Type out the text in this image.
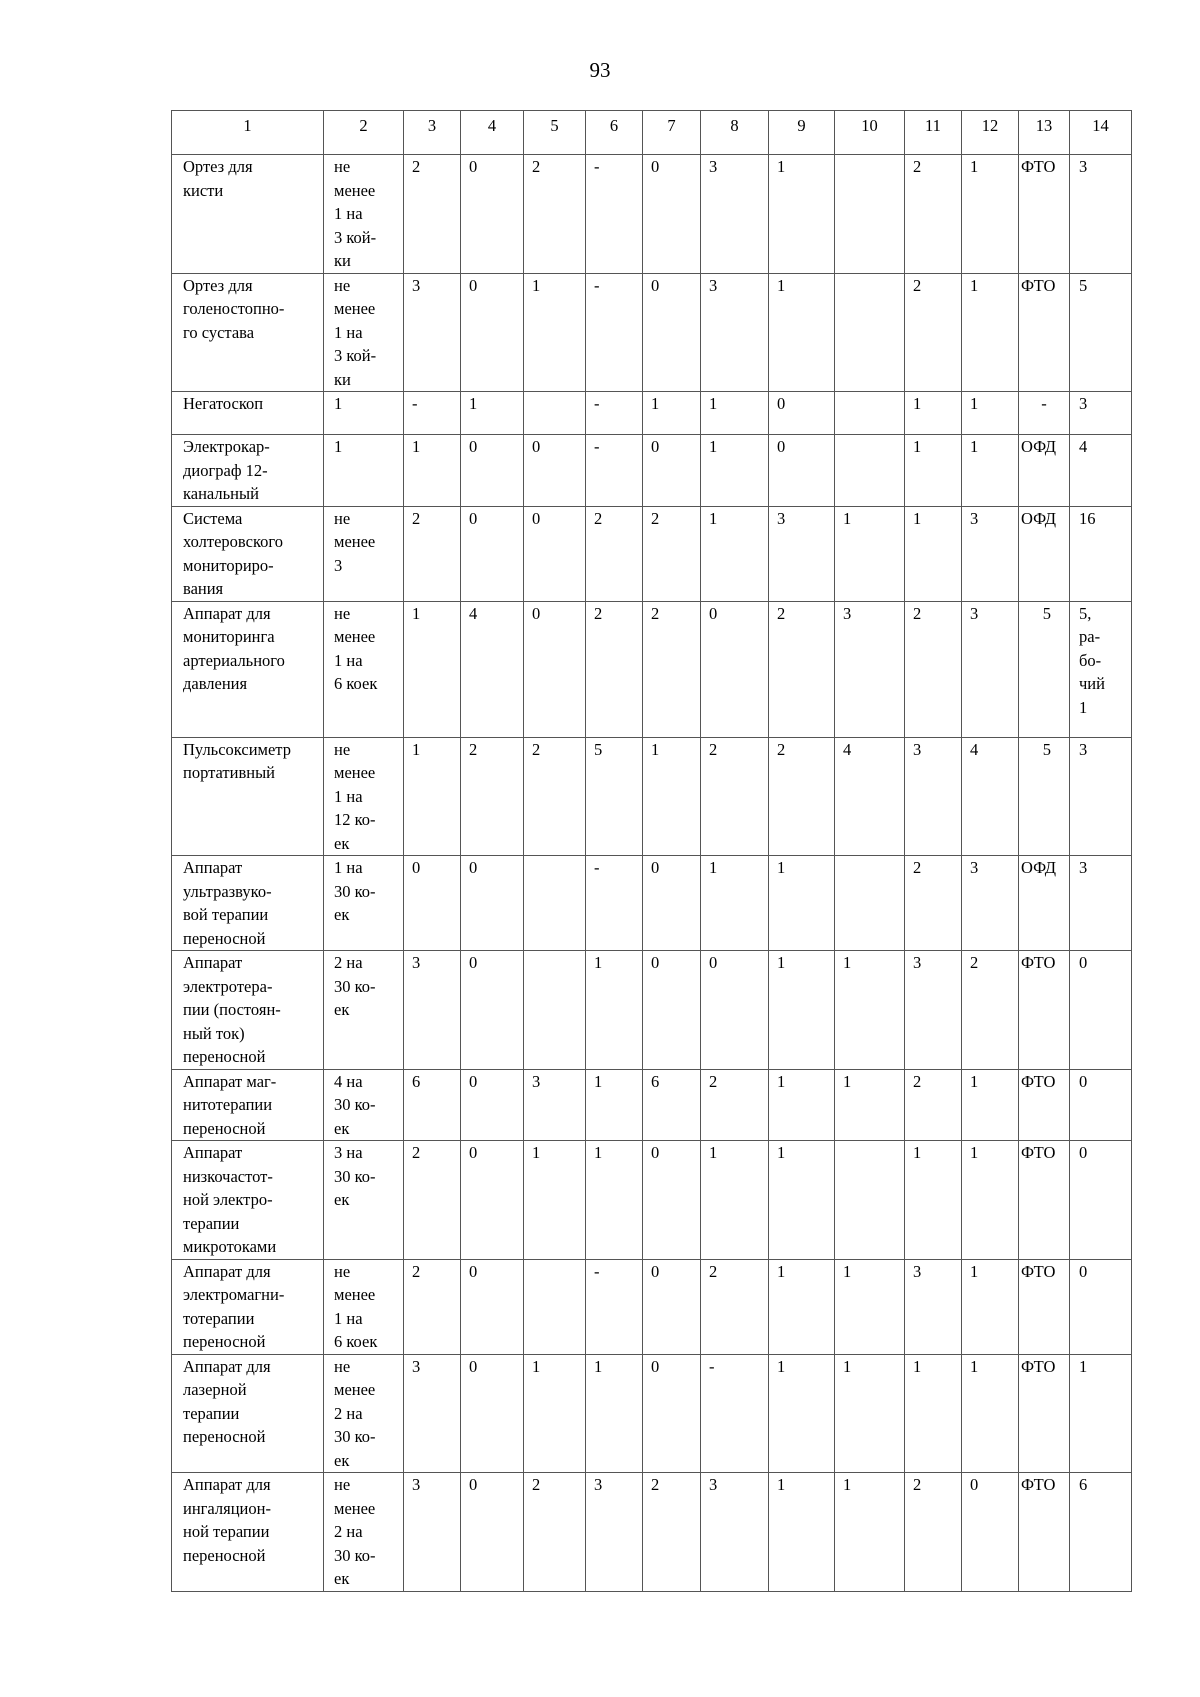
93
1	2	3	4	5	6	7	8	9	10	11	12	13	14

Ортез для
кисти	не
менее
1 на
3 кой-
ки	2	0	2	-	0	3	1		2	1	ФТО	3
Ортез для
голеностопно-
го сустава	не
менее
1 на
3 кой-
ки	3	0	1	-	0	3	1		2	1	ФТО	5
Негатоскоп	1	-	1		-	1	1	0		1	1	-	3
Электрокар-
диограф 12-
канальный	1	1	0	0	-	0	1	0		1	1	ОФД	4
Система
холтеровского
мониториро-
вания	не
менее
3	2	0	0	2	2	1	3	1	1	3	ОФД	16
Аппарат для
мониторинга
артериального
давления	не
менее
1 на
6 коек	1	4	0	2	2	0	2	3	2	3	5	5,
ра-
бо-
чий
1
Пульсоксиметр
портативный	не
менее
1 на
12 ко-
ек	1	2	2	5	1	2	2	4	3	4	5	3
Аппарат
ультразвуко-
вой терапии
переносной	1 на
30 ко-
ек	0	0		-	0	1	1		2	3	ОФД	3
Аппарат
электротера-
пии (постоян-
ный ток)
переносной	2 на
30 ко-
ек	3	0		1	0	0	1	1	3	2	ФТО	0
Аппарат маг-
нитотерапии
переносной	4 на
30 ко-
ек	6	0	3	1	6	2	1	1	2	1	ФТО	0
Аппарат
низкочастот-
ной электро-
терапии
микротоками	3 на
30 ко-
ек	2	0	1	1	0	1	1		1	1	ФТО	0
Аппарат для
электромагни-
тотерапии
переносной	не
менее
1 на
6 коек	2	0		-	0	2	1	1	3	1	ФТО	0
Аппарат для
лазерной
терапии
переносной	не
менее
2 на
30 ко-
ек	3	0	1	1	0	-	1	1	1	1	ФТО	1
Аппарат для
ингаляцион-
ной терапии
переносной	не
менее
2 на
30 ко-
ек	3	0	2	3	2	3	1	1	2	0	ФТО	6
